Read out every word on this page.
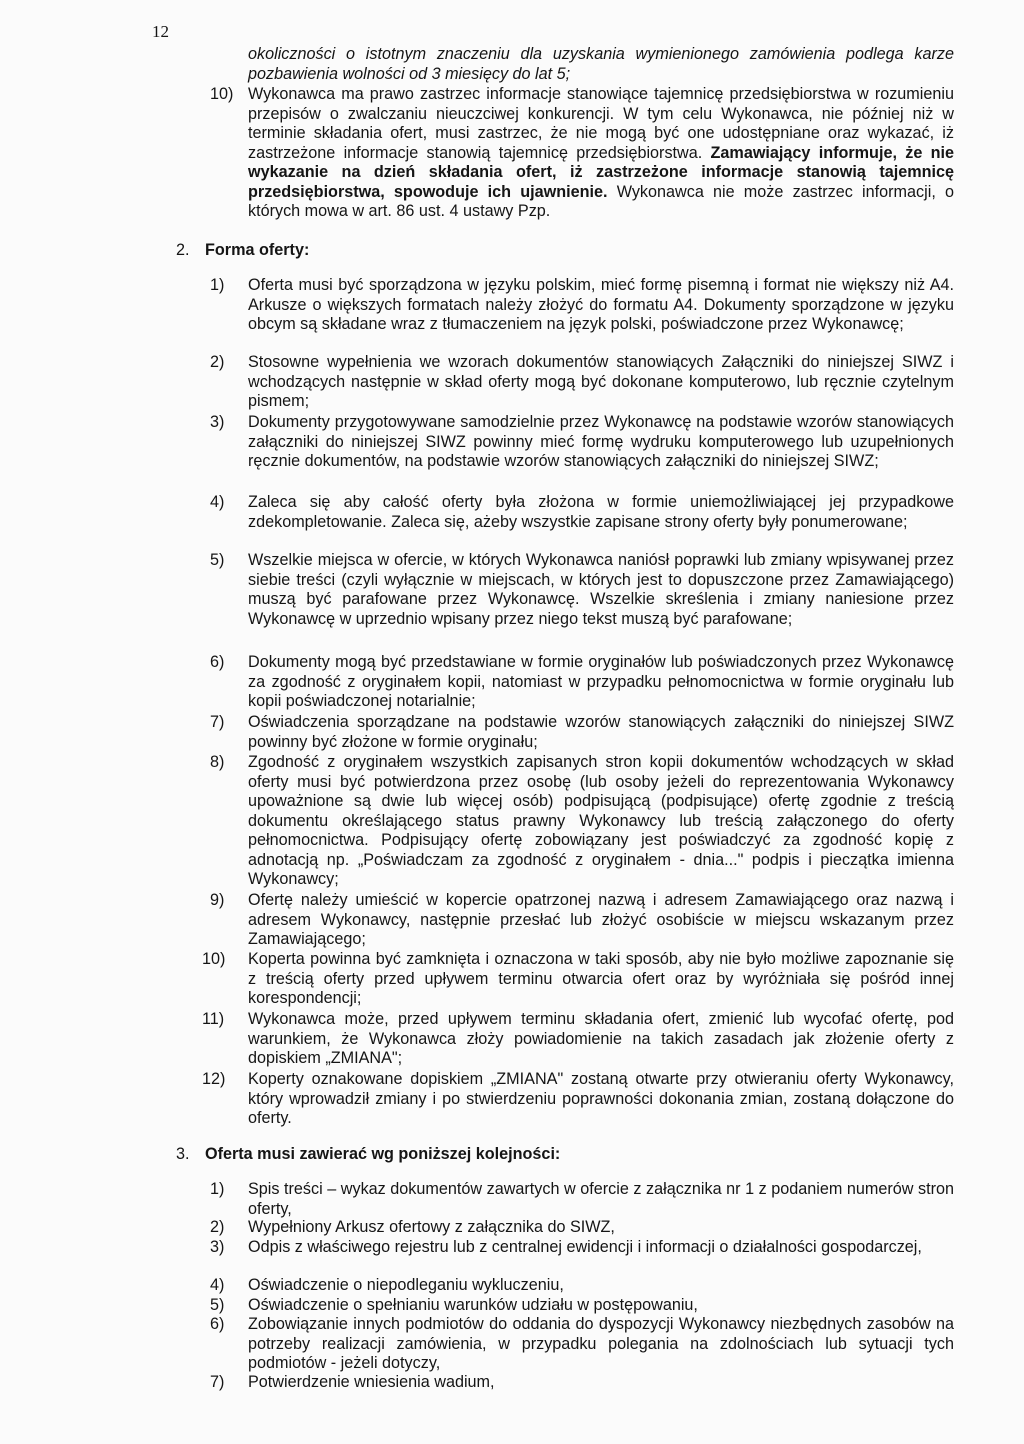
12

okoliczności o istotnym znaczeniu dla uzyskania wymienionego zamówienia podlega karze pozbawienia wolności od 3 miesięcy do lat 5;

10) Wykonawca ma prawo zastrzec informacje stanowiące tajemnicę przedsiębiorstwa w rozumieniu przepisów o zwalczaniu nieuczciwej konkurencji. W tym celu Wykonawca, nie później niż w terminie składania ofert, musi zastrzec, że nie mogą być one udostępniane oraz wykazać, iż zastrzeżone informacje stanowią tajemnicę przedsiębiorstwa. Zamawiający informuje, że nie wykazanie na dzień składania ofert, iż zastrzeżone informacje stanowią tajemnicę przedsiębiorstwa, spowoduje ich ujawnienie. Wykonawca nie może zastrzec informacji, o których mowa w art. 86 ust. 4 ustawy Pzp.

2. Forma oferty:
1) Oferta musi być sporządzona w języku polskim, mieć formę pisemną i format nie większy niż A4. Arkusze o większych formatach należy złożyć do formatu A4. Dokumenty sporządzone w języku obcym są składane wraz z tłumaczeniem na język polski, poświadczone przez Wykonawcę;

2) Stosowne wypełnienia we wzorach dokumentów stanowiących Załączniki do niniejszej SIWZ i wchodzących następnie w skład oferty mogą być dokonane komputerowo, lub ręcznie czytelnym pismem;

3) Dokumenty przygotowywane samodzielnie przez Wykonawcę na podstawie wzorów stanowiących załączniki do niniejszej SIWZ powinny mieć formę wydruku komputerowego lub uzupełnionych ręcznie dokumentów, na podstawie wzorów stanowiących załączniki do niniejszej SIWZ;

4) Zaleca się aby całość oferty była złożona w formie uniemożliwiającej jej przypadkowe zdekompletowanie. Zaleca się, ażeby wszystkie zapisane strony oferty były ponumerowane;

5) Wszelkie miejsca w ofercie, w których Wykonawca naniósł poprawki lub zmiany wpisywanej przez siebie treści (czyli wyłącznie w miejscach, w których jest to dopuszczone przez Zamawiającego) muszą być parafowane przez Wykonawcę. Wszelkie skreślenia i zmiany naniesione przez Wykonawcę w uprzednio wpisany przez niego tekst muszą być parafowane;

6) Dokumenty mogą być przedstawiane w formie oryginałów lub poświadczonych przez Wykonawcę za zgodność z oryginałem kopii, natomiast w przypadku pełnomocnictwa w formie oryginału lub kopii poświadczonej notarialnie;

7) Oświadczenia sporządzane na podstawie wzorów stanowiących załączniki do niniejszej SIWZ powinny być złożone w formie oryginału;

8) Zgodność z oryginałem wszystkich zapisanych stron kopii dokumentów wchodzących w skład oferty musi być potwierdzona przez osobę (lub osoby jeżeli do reprezentowania Wykonawcy upoważnione są dwie lub więcej osób) podpisującą (podpisujące) ofertę zgodnie z treścią dokumentu określającego status prawny Wykonawcy lub treścią załączonego do oferty pełnomocnictwa. Podpisujący ofertę zobowiązany jest poświadczyć za zgodność kopię z adnotacją np. „Poświadczam za zgodność z oryginałem - dnia..." podpis i pieczątka imienna Wykonawcy;

9) Ofertę należy umieścić w kopercie opatrzonej nazwą i adresem Zamawiającego oraz nazwą i adresem Wykonawcy, następnie przesłać lub złożyć osobiście w miejscu wskazanym przez Zamawiającego;

10) Koperta powinna być zamknięta i oznaczona w taki sposób, aby nie było możliwe zapoznanie się z treścią oferty przed upływem terminu otwarcia ofert oraz by wyróżniała się pośród innej korespondencji;

11) Wykonawca może, przed upływem terminu składania ofert, zmienić lub wycofać ofertę, pod warunkiem, że Wykonawca złoży powiadomienie na takich zasadach jak złożenie oferty z dopiskiem „ZMIANA";

12) Koperty oznakowane dopiskiem „ZMIANA" zostaną otwarte przy otwieraniu oferty Wykonawcy, który wprowadził zmiany i po stwierdzeniu poprawności dokonania zmian, zostaną dołączone do oferty.

3. Oferta musi zawierać wg poniższej kolejności:
1) Spis treści – wykaz dokumentów zawartych w ofercie z załącznika nr 1 z podaniem numerów stron oferty,

2) Wypełniony Arkusz ofertowy z załącznika do SIWZ,

3) Odpis z właściwego rejestru lub z centralnej ewidencji i informacji o działalności gospodarczej,

4) Oświadczenie o niepodleganiu wykluczeniu,

5) Oświadczenie o spełnianiu warunków udziału w postępowaniu,

6) Zobowiązanie innych podmiotów do oddania do dyspozycji Wykonawcy niezbędnych zasobów na potrzeby realizacji zamówienia, w przypadku polegania na zdolnościach lub sytuacji tych podmiotów - jeżeli dotyczy,

7) Potwierdzenie wniesienia wadium,
